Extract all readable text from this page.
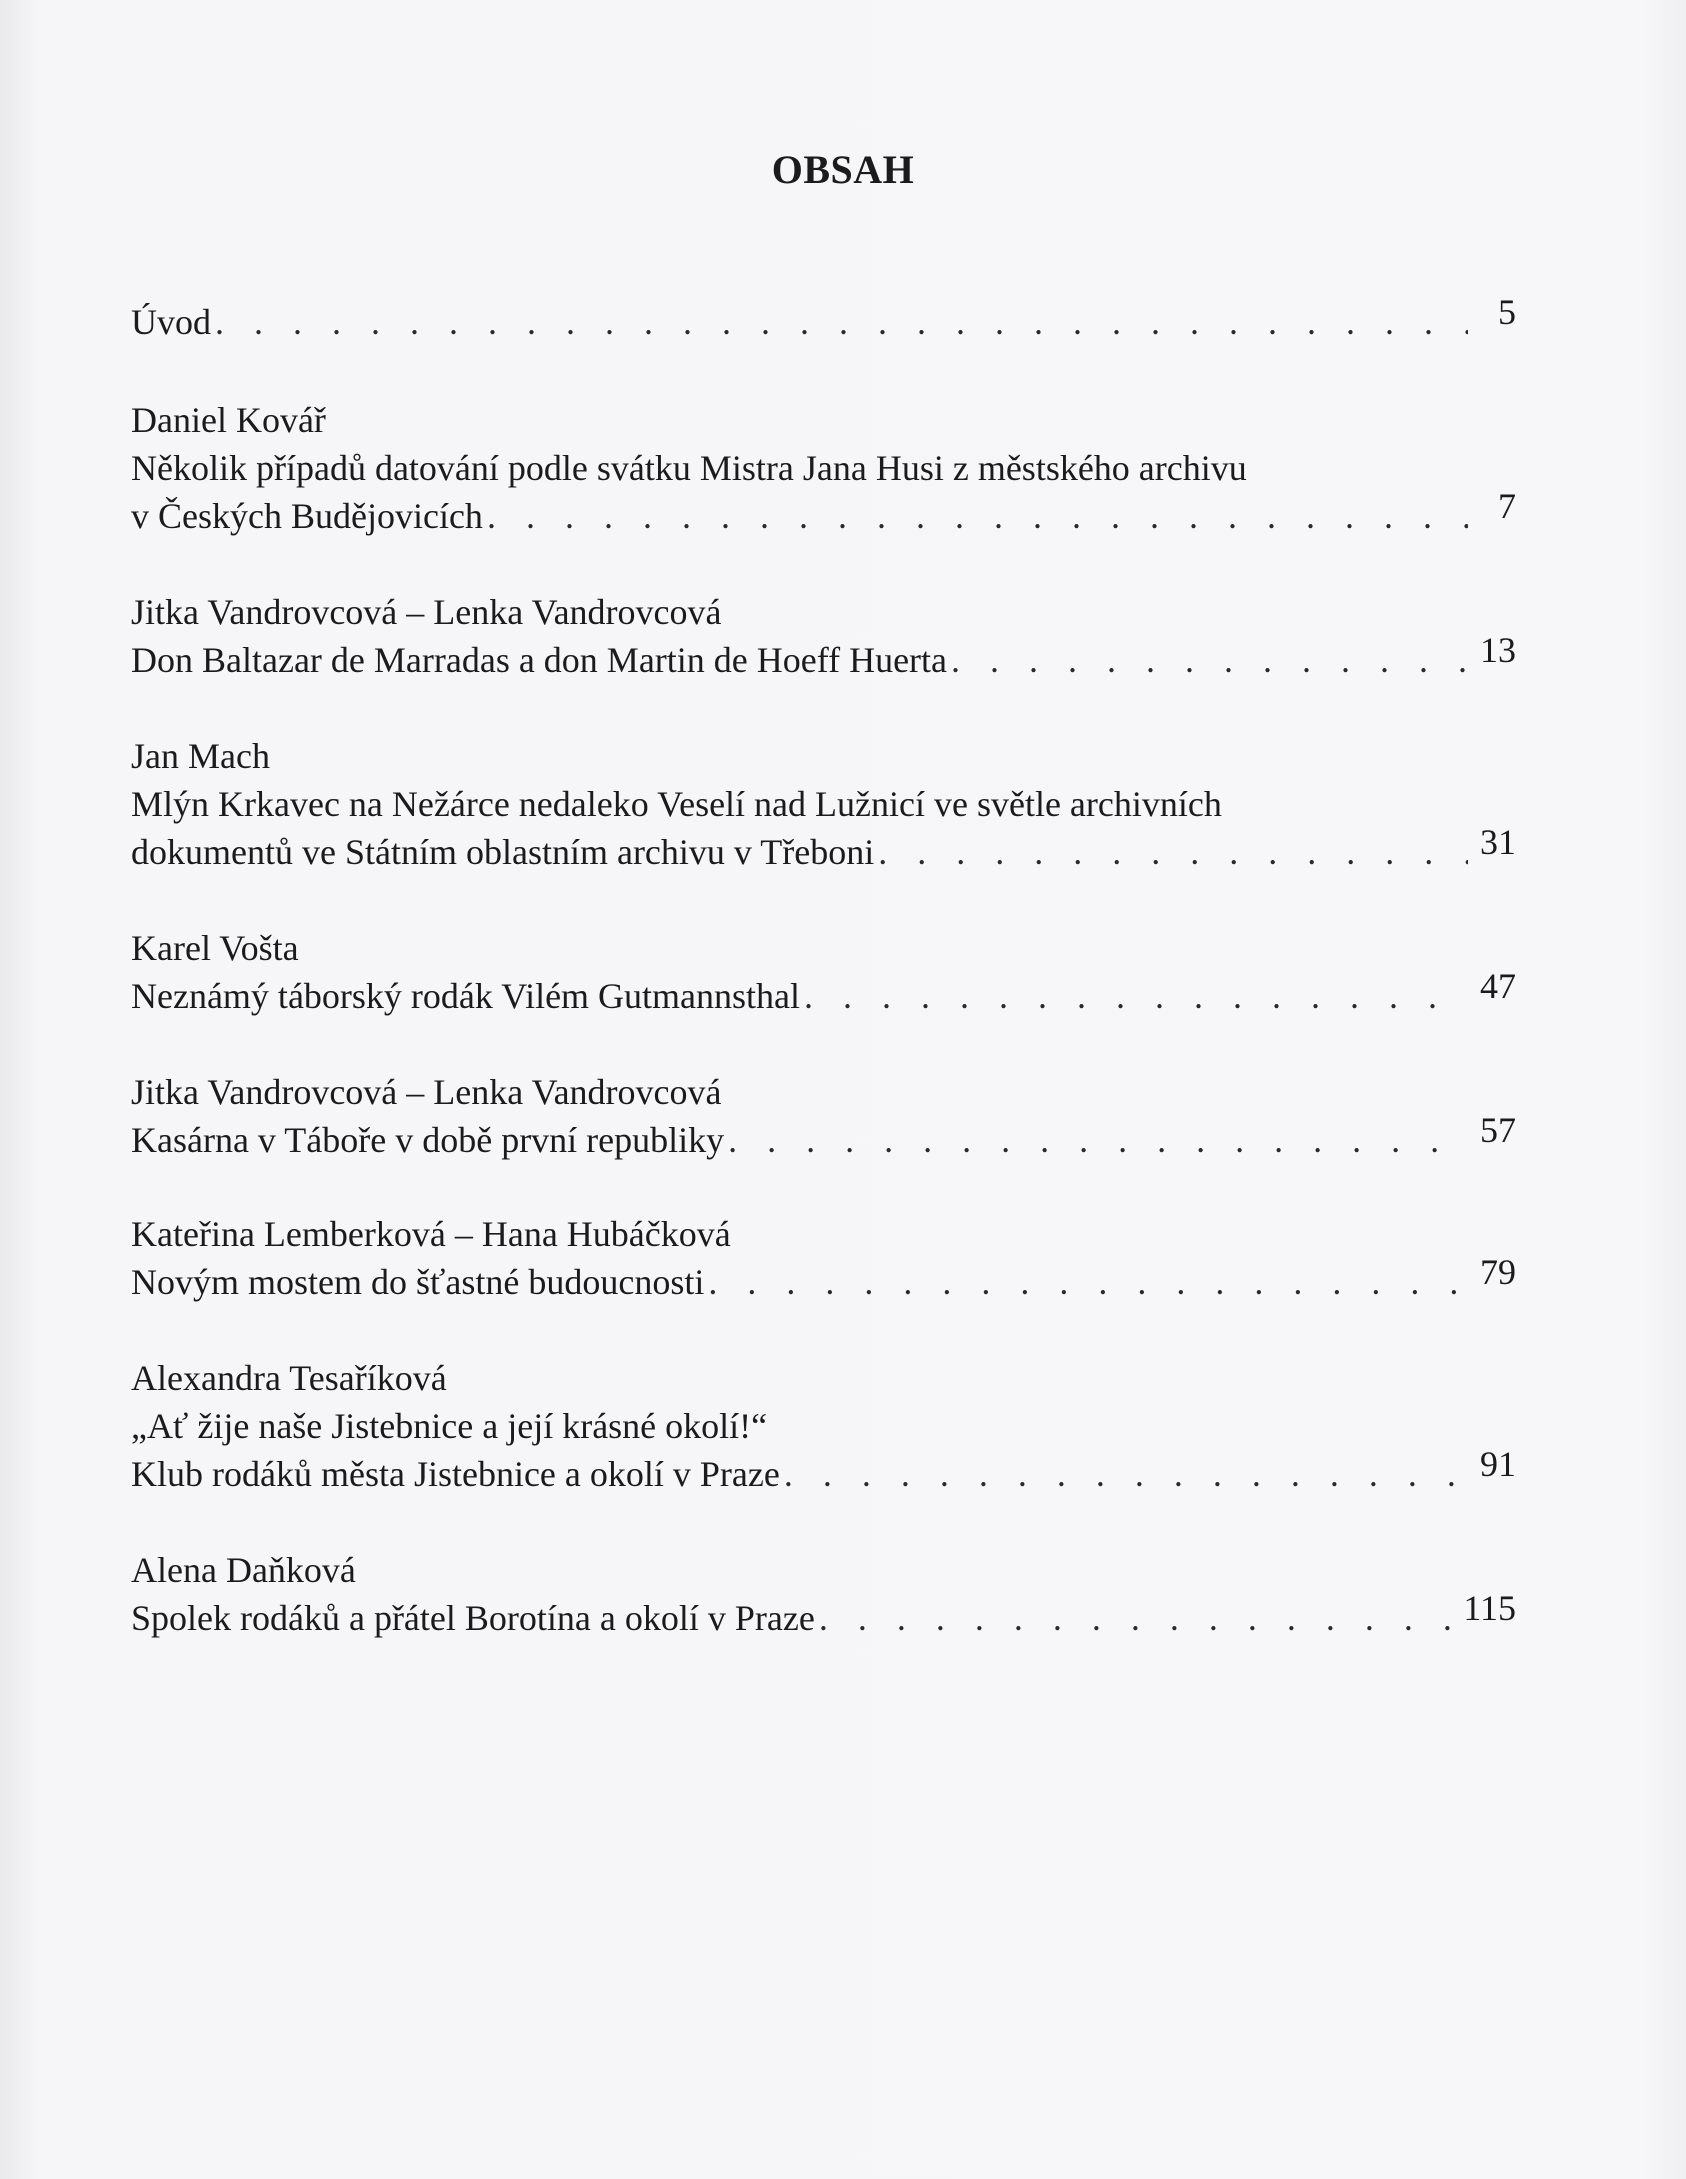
OBSAH
Úvod . . .	5
Daniel Kovář
Několik případů datování podle svátku Mistra Jana Husi z městského archivu
v Českých Budějovicích . . .	7
Jitka Vandrovcová – Lenka Vandrovcová
Don Baltazar de Marradas a don Martin de Hoeff Huerta . . .	13
Jan Mach
Mlýn Krkavec na Nežárce nedaleko Veselí nad Lužnicí ve světle archivních
dokumentů ve Státním oblastním archivu v Třeboni . . .	31
Karel Vošta
Neznámý táborský rodák Vilém Gutmannsthal . . .	47
Jitka Vandrovcová – Lenka Vandrovcová
Kasárna v Táboře v době první republiky . . .	57
Kateřina Lemberková – Hana Hubáčková
Novým mostem do šťastné budoucnosti . . .	79
Alexandra Tesaříková
„Ať žije naše Jistebnice a její krásné okolí!“
Klub rodáků města Jistebnice a okolí v Praze . . .	91
Alena Daňková
Spolek rodáků a přátel Borotína a okolí v Praze . . .	115
